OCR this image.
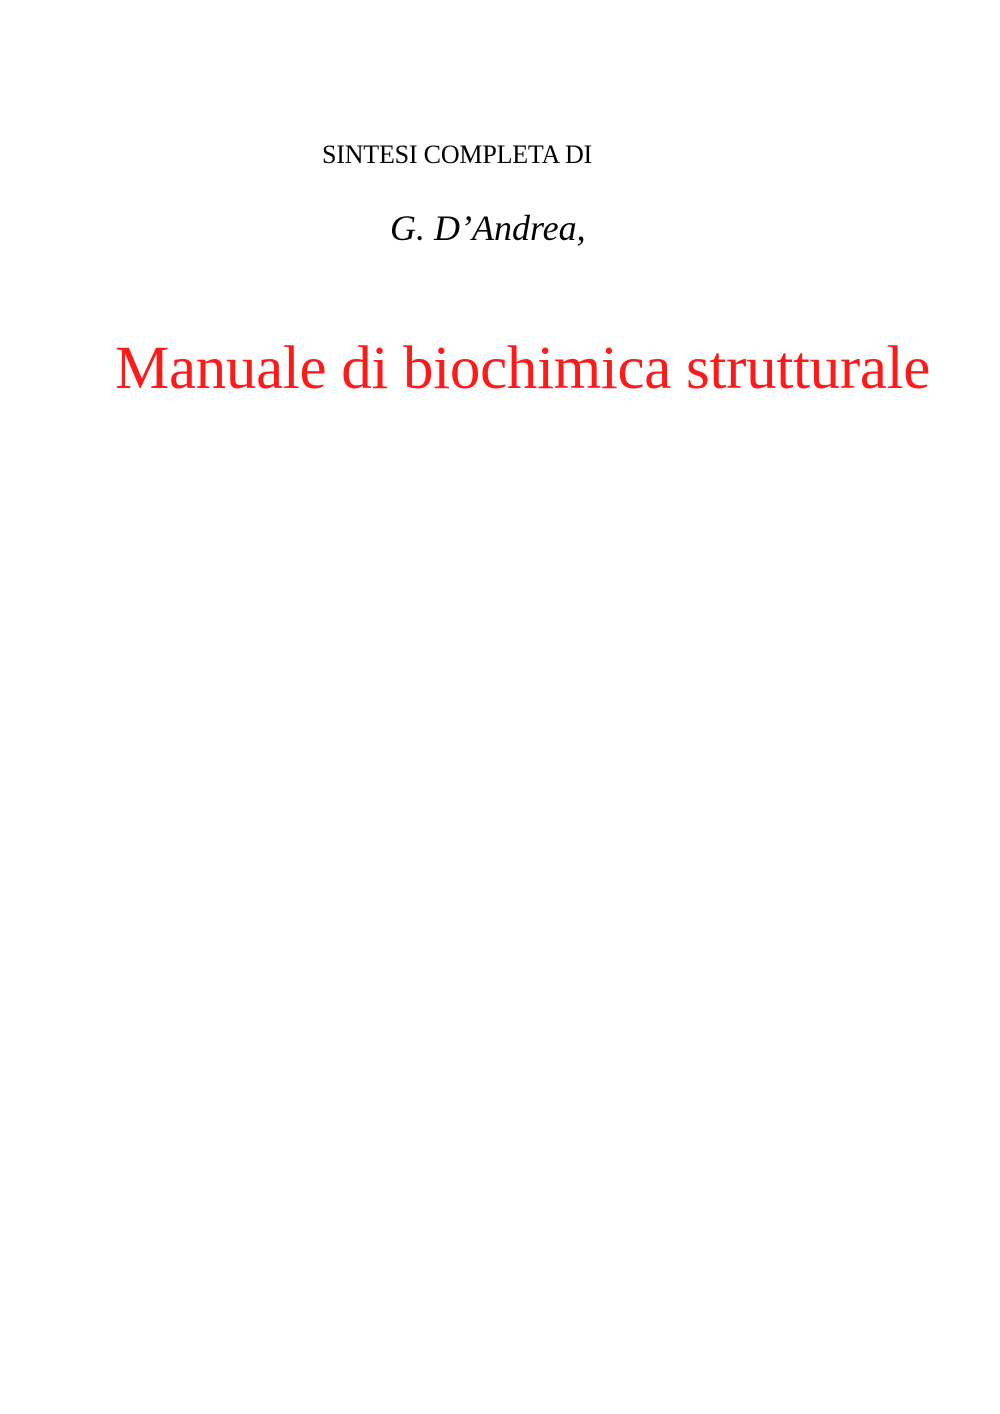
SINTESI COMPLETA DI
G. D’Andrea,
Manuale di biochimica strutturale
